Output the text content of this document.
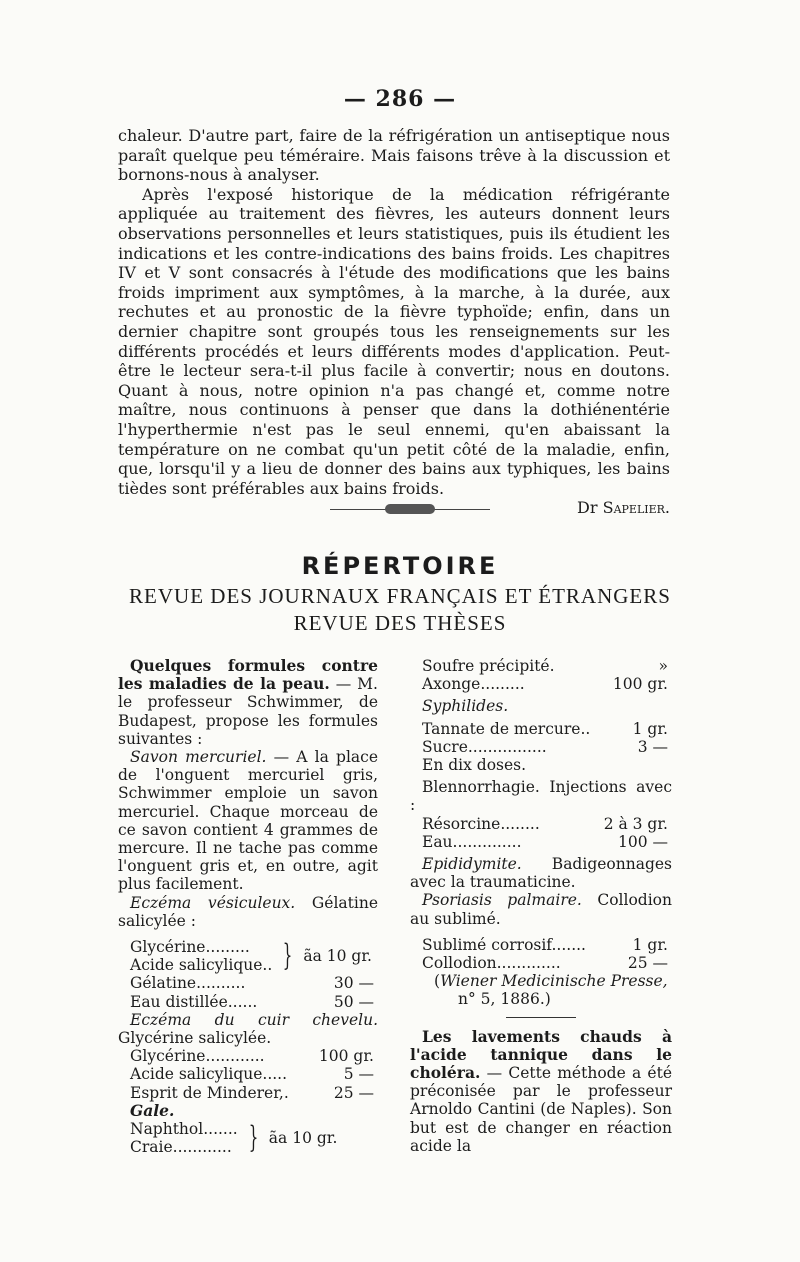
— 286 —

chaleur. D'autre part, faire de la réfrigération un antiseptique nous paraît quelque peu téméraire. Mais faisons trêve à la discussion et bornons-nous à analyser.

Après l'exposé historique de la médication réfrigérante appliquée au traitement des fièvres, les auteurs donnent leurs observations personnelles et leurs statistiques, puis ils étudient les indications et les contre-indications des bains froids. Les chapitres IV et V sont consacrés à l'étude des modifications que les bains froids impriment aux symptômes, à la marche, à la durée, aux rechutes et au pronostic de la fièvre typhoïde; enfin, dans un dernier chapitre sont groupés tous les renseignements sur les différents procédés et leurs différents modes d'application. Peut-être le lecteur sera-t-il plus facile à convertir; nous en doutons. Quant à nous, notre opinion n'a pas changé et, comme notre maître, nous continuons à penser que dans la dothiénentérie l'hyperthermie n'est pas le seul ennemi, qu'en abaissant la température on ne combat qu'un petit côté de la maladie, enfin, que, lorsqu'il y a lieu de donner des bains aux typhiques, les bains tièdes sont préférables aux bains froids.
Dr Sapelier.

RÉPERTOIRE
REVUE DES JOURNAUX FRANÇAIS ET ÉTRANGERS
REVUE DES THÈSES

Quelques formules contre les maladies de la peau. — M. le professeur Schwimmer, de Budapest, propose les formules suivantes :

Savon mercuriel. — A la place de l'onguent mercuriel gris, Schwimmer emploie un savon mercuriel. Chaque morceau de ce savon contient 4 grammes de mercure. Il ne tache pas comme l'onguent gris et, en outre, agit plus facilement.

Eczéma vésiculeux. Gélatine salicylée :

Glycérine.........
Acide salicylique.. } ãa 10 gr.
Gélatine..........	30 —
Eau distillée......	50 —

Eczéma du cuir chevelu. Glycérine salicylée.

Glycérine............	100 gr.
Acide salicylique.....	5 —
Esprit de Minderer,.	25 —

Gale.

Naphthol.......
Craie............ } ãa 10 gr.
Soufre précipité.	»
Axonge.........	100 gr.

Syphilides.

Tannate de mercure..	1 gr.
Sucre................	3 —

En dix doses.

Blennorrhagie. Injections avec :

Résorcine........	2 à 3 gr.
Eau..............	100 —

Epididymite. Badigeonnages avec la traumaticine.

Psoriasis palmaire. Collodion au sublimé.

Sublimé corrosif.......	1 gr.
Collodion.............	25 —

(Wiener Medicinische Presse,

n° 5, 1886.)

Les lavements chauds à l'acide tannique dans le choléra. — Cette méthode a été préconisée par le professeur Arnoldo Cantini (de Naples). Son but est de changer en réaction acide la
